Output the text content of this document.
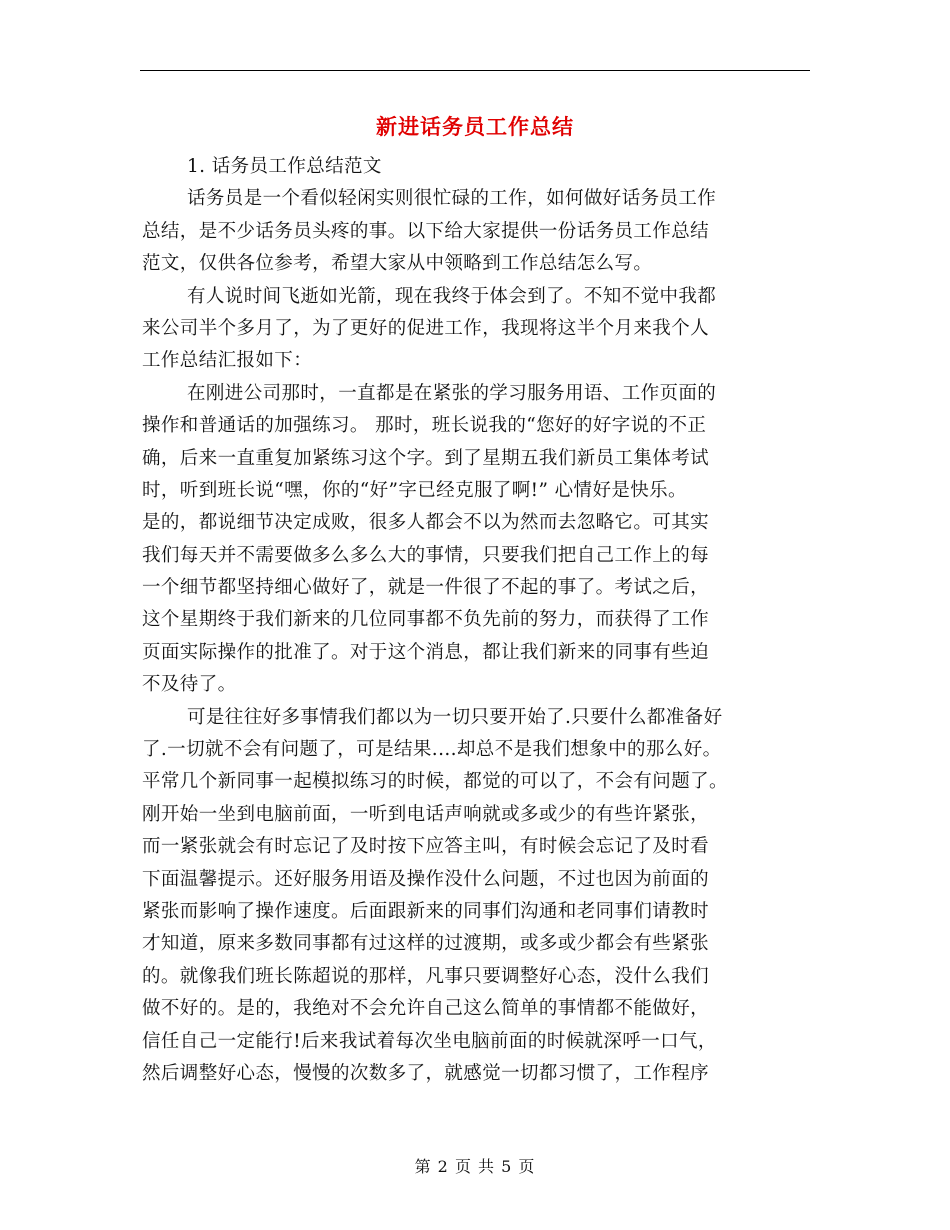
新进话务员工作总结
1. 话务员工作总结范文
话务员是一个看似轻闲实则很忙碌的工作，如何做好话务员工作
总结，是不少话务员头疼的事。以下给大家提供一份话务员工作总结
范文，仅供各位参考，希望大家从中领略到工作总结怎么写。
有人说时间飞逝如光箭，现在我终于体会到了。不知不觉中我都
来公司半个多月了，为了更好的促进工作，我现将这半个月来我个人
工作总结汇报如下：
在刚进公司那时，一直都是在紧张的学习服务用语、工作页面的
操作和普通话的加强练习。 那时，班长说我的“您好的好字说的不正
确，后来一直重复加紧练习这个字。到了星期五我们新员工集体考试
时，听到班长说“嘿，你的“好”字已经克服了啊!” 心情好是快乐。
是的，都说细节决定成败，很多人都会不以为然而去忽略它。可其实
我们每天并不需要做多么多么大的事情，只要我们把自己工作上的每
一个细节都坚持细心做好了，就是一件很了不起的事了。考试之后，
这个星期终于我们新来的几位同事都不负先前的努力，而获得了工作
页面实际操作的批准了。对于这个消息，都让我们新来的同事有些迫
不及待了。
可是往往好多事情我们都以为一切只要开始了.只要什么都准备好
了.一切就不会有问题了，可是结果....却总不是我们想象中的那么好。
平常几个新同事一起模拟练习的时候，都觉的可以了，不会有问题了。
刚开始一坐到电脑前面，一听到电话声响就或多或少的有些许紧张，
而一紧张就会有时忘记了及时按下应答主叫，有时候会忘记了及时看
下面温馨提示。还好服务用语及操作没什么问题，不过也因为前面的
紧张而影响了操作速度。后面跟新来的同事们沟通和老同事们请教时
才知道，原来多数同事都有过这样的过渡期，或多或少都会有些紧张
的。就像我们班长陈超说的那样，凡事只要调整好心态，没什么我们
做不好的。是的，我绝对不会允许自己这么简单的事情都不能做好，
信任自己一定能行!后来我试着每次坐电脑前面的时候就深呼一口气，
然后调整好心态，慢慢的次数多了，就感觉一切都习惯了，工作程序
第 2 页 共 5 页
